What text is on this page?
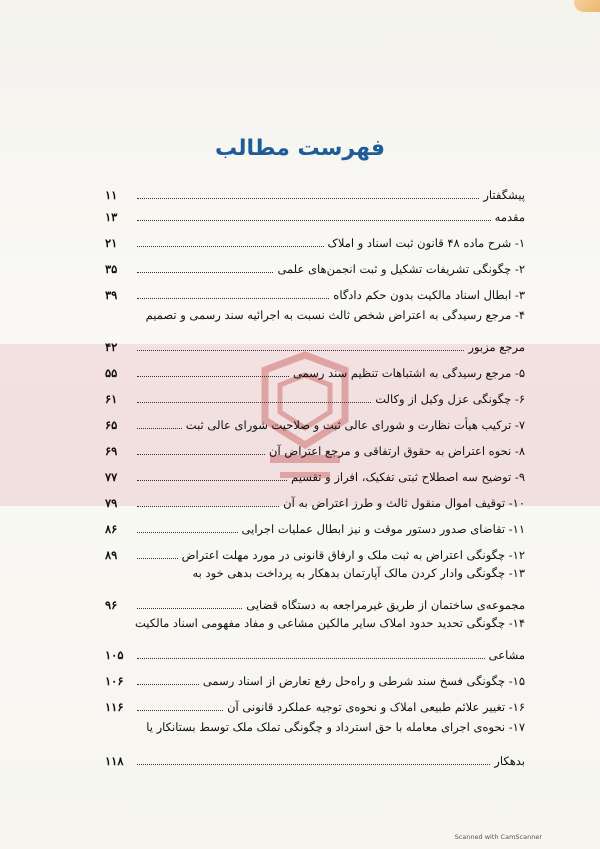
فهرست مطالب
پیشگفتار
۱۱
مقدمه
۱۳
۱- شرح ماده ۴۸ قانون ثبت اسناد و املاک
۲۱
۲- چگونگی تشریفات تشکیل و ثبت انجمن‌های علمی
۳۵
۳- ابطال اسناد مالکیت بدون حکم دادگاه
۳۹
۴- مرجع رسیدگی به اعتراض شخص ثالث نسبت به اجرائیه سند رسمی و تصمیم
مرجع مزبور
۴۲
۵- مرجع رسیدگی به اشتباهات تنظیم سند رسمی
۵۵
۶- چگونگی عزل وکیل از وکالت
۶۱
۷- ترکیب هیأت نظارت و شورای عالی ثبت و صلاحیت شورای عالی ثبت
۶۵
۸- نحوه اعتراض به حقوق ارتفاقی و مرجع اعتراض آن
۶۹
۹- توضیح سه اصطلاح ثبتی تفکیک، افراز و تقسیم
۷۷
۱۰- توقیف اموال منقول ثالث و طرز اعتراض به آن
۷۹
۱۱- تقاضای صدور دستور موقت و نیز ابطال عملیات اجرایی
۸۶
۱۲- چگونگی اعتراض به ثبت ملک و ارفاق قانونی در مورد مهلت اعتراض
۸۹
۱۳- چگونگی وادار کردن مالک آپارتمان بدهکار به پرداخت بدهی خود به
مجموعه‌ی ساختمان از طریق غیرمراجعه به دستگاه قضایی
۹۶
۱۴- چگونگی تحدید حدود املاک سایر مالکین مشاعی و مفاد مفهومی اسناد مالکیت
مشاعی
۱۰۵
۱۵- چگونگی فسخ سند شرطی و راه‌حل رفع تعارض از اسناد رسمی
۱۰۶
۱۶- تغییر علائم طبیعی املاک و نحوه‌ی توجیه عملکرد قانونی آن
۱۱۶
۱۷- نحوه‌ی اجرای معامله با حق استرداد و چگونگی تملک ملک توسط بستانکار یا
بدهکار
۱۱۸
Scanned with CamScanner
